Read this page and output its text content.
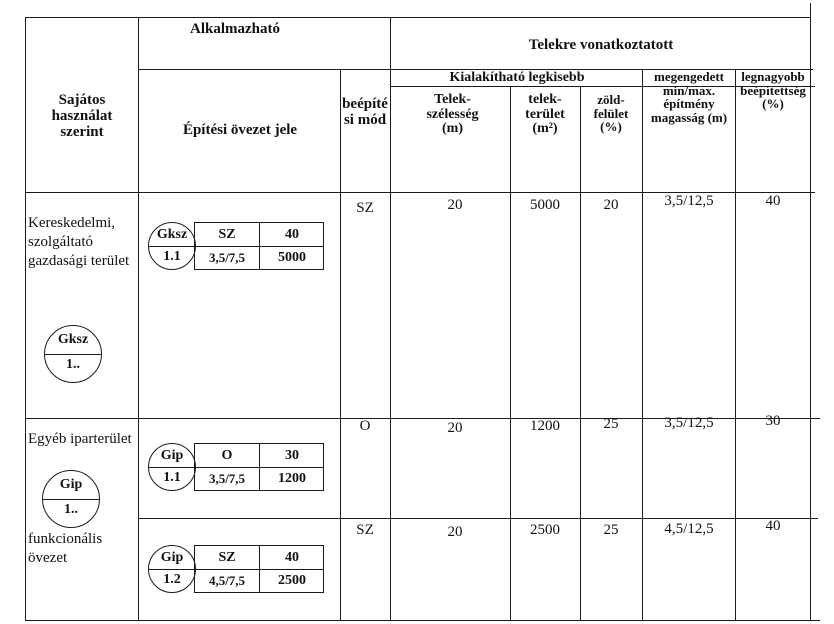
Sajátos használat szerint
Alkalmazható
Építési övezet jele
beépítési mód
Telekre vonatkoztatott
Kialakítható legkisebb
Telek-szélesség (m)
telek-terület (m²)
zöld-felület (%)
megengedett min/max. építmény magasság (m)
legnagyobb beépítettség (%)
Kereskedelmi, szolgáltató gazdasági terület
Gksz
1..
Gksz
1.1
SZ	40
3,5/7,5	5000
SZ	20	5000	20	3,5/12,5	40
Egyéb iparterület
Gip
1..
funkcionális övezet
Gip
1.1
O	30
3,5/7,5	1200
O	20	1200	25	3,5/12,5	30
Gip
1.2
SZ	40
4,5/7,5	2500
SZ	20	2500	25	4,5/12,5	40
